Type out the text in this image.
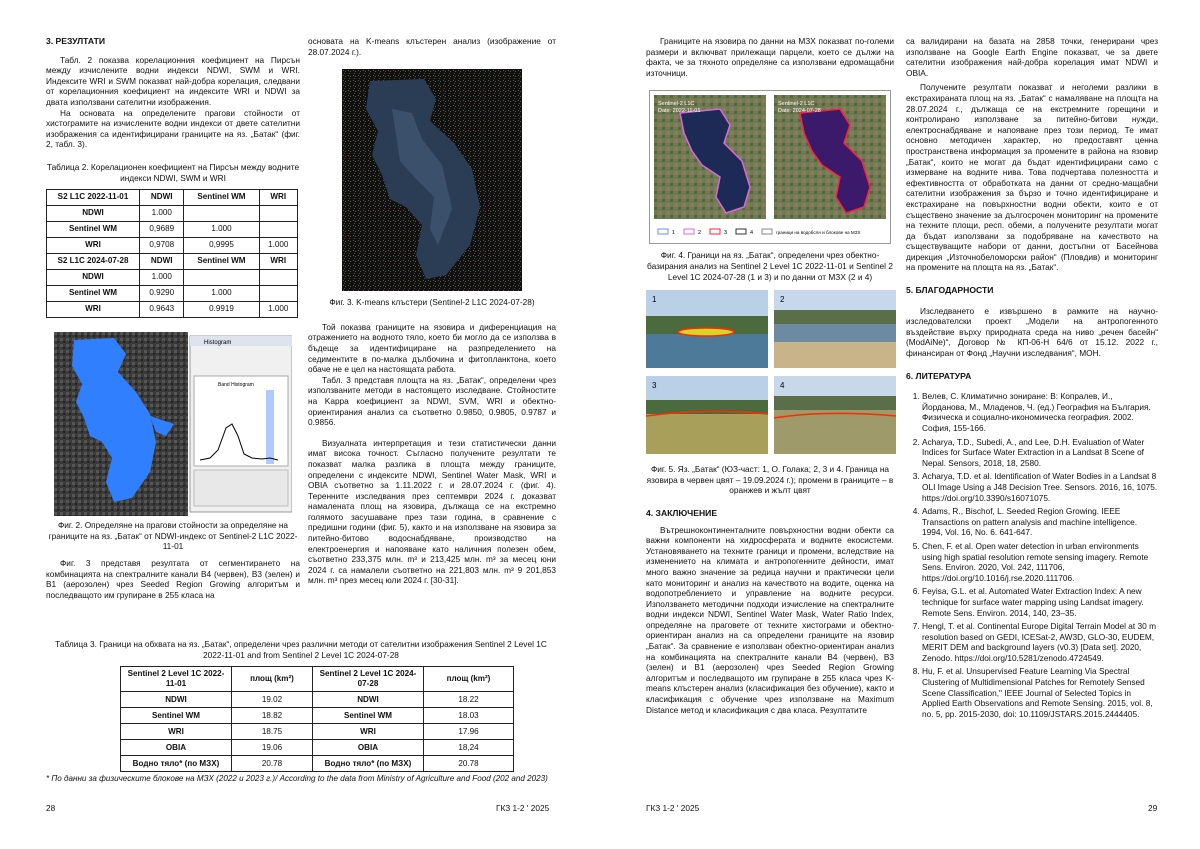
3. РЕЗУЛТАТИ

Табл. 2 показва корелационния коефициент на Пирсън между изчислените водни индекси NDWI, SWM и WRI. Индексите WRI и SWM показват най-добра корелация, следвани от корелационния коефициент на индексите WRI и NDWI за двата използвани сателитни изображения.

На основата на определените прагови стойности от хистограмите на изчислените водни индекси от двете сателитни изображения са идентифицирани границите на яз. „Батак“ (фиг. 2, табл. 3).

Таблица 2. Корелационен коефициент на Пирсън между водните индекси NDWI, SWM и WRI
S2 L1C 2022-11-01	NDWI	Sentinel WM	WRI
NDWI	1.000		
Sentinel WM	0,9689	1.000	
WRI	0,9708	0,9995	1.000
S2 L1C 2024-07-28	NDWI	Sentinel WM	WRI
NDWI	1.000		
Sentinel WM	0.9290	1.000	
WRI	0.9643	0.9919	1.000
Histogram
Band Histogram
Фиг. 2. Определяне на прагови стойности за определяне на границите на яз. „Батак“ от NDWI-индекс от Sentinel-2 L1C 2022-11-01

Фиг. 3 представя резултата от сегментирането на комбинацията на спектралните канали B4 (червен), B3 (зелен) и B1 (аерозолен) чрез Seeded Region Growing алгоритъм и последващото им групиране в 255 класа на

основата на K-means клъстерен анализ (изображение от 28.07.2024 г.).

Фиг. 3. K-means клъстери (Sentinel-2 L1C 2024-07-28)

Той показва границите на язовира и диференциация на отражението на водното тяло, което би могло да се използва в бъдеще за идентифициране на разпределението на седиментите в по-малка дълбочина и фитопланктона, което обаче не е цел на настоящата работа.

Табл. 3 представя площта на яз. „Батак“, определени чрез използваните методи в настоящето изследване. Стойностите на Kappa коефициент за NDWI, SVM, WRI и обектно-ориентирания анализ са съответно 0.9850, 0.9805, 0.9787 и 0.9856.

Визуалната интерпретация и тези статистически данни имат висока точност. Съгласно получените резултати те показват малка разлика в площта между границите, определени с индексите NDWI, Sentinel Water Mask, WRI и OBIA съответно за 1.11.2022 г. и 28.07.2024 г. (фиг. 4). Теренните изследвания през септември 2024 г. доказват намалената площ на язовира, дължаща се на екстремно голямото засушаване през тази година, в сравнение с предишни години (фиг. 5), както и на използване на язовира за питейно-битово водоснабдяване, производство на електроенергия и напояване като наличния полезен обем, съответно 233,375 млн. m³ и 213,425 млн. m³ за месец юни 2024 г. са намалели съответно на 221,803 млн. m³ 9 201,853 млн. m³ през месец юли 2024 г. [30-31].

Таблица 3. Граници на обхвата на яз. „Батак“, определени чрез различни методи от сателитни изображения Sentinel 2 Level 1C 2022-11-01 and from Sentinel 2 Level 1C 2024-07-28
Sentinel 2 Level 1C 2022-11-01	площ (km²)	Sentinel 2 Level 1C 2024-07-28	площ (km²)
NDWI	19.02	NDWI	18.22
Sentinel WM	18.82	Sentinel WM	18.03
WRI	18.75	WRI	17.96
OBIA	19.06	OBIA	18,24
Водно тяло* (по МЗХ)	20.78	Водно тяло* (по МЗХ)	20.78
* По данни за физическите блокове на МЗХ (2022 и 2023 г.)/ According to the data from Ministry of Agriculture and Food (202 and 2023)
28	ГКЗ 1-2 ' 2025

Границите на язовира по данни на МЗХ показват по-големи размери и включват прилежащи парцели, което се дължи на факта, че за тяхното определяне са използвани едромащабни източници.

Sentinel-2 L1C
Date: 2022-11-01
Sentinel-2 L1C
Date: 2024-07-28
1	2	3	4	граници на водобслн и блокове на МЗХ
Фиг. 4. Граници на яз. „Батак“, определени чрез обектно-базирания анализ на Sentinel 2 Level 1C 2022-11-01 и Sentinel 2 Level 1C 2024-07-28 (1 и 3) и по данни от МЗХ (2 и 4)
1	2
3	4
Фиг. 5. Яз. „Батак“ (ЮЗ-част: 1, О. Голака; 2, 3 и 4. Граница на язовира в червен цвят – 19.09.2024 г.); промени в границите – в оранжев и жълт цвят
4. ЗАКЛЮЧЕНИЕ

Вътрешноконтиненталните повърхностни водни обекти са важни компоненти на хидросферата и водните екосистеми. Установяването на техните граници и промени, вследствие на изменението на климата и антропогенните дейности, имат много важно значение за редица научни и практически цели като мониторинг и анализ на качеството на водите, оценка на водопотреблението и управление на водните ресурси. Използването методични подходи изчисление на спектралните водни индекси NDWI, Sentinel Water Mask, Water Ratio Index, определяне на праговете от техните хистограми и обектно-ориентиран анализ на са определени границите на язовир „Батак“. За сравнение е използван обектно-ориентиран анализ на комбинацията на спектралните канали B4 (червен), B3 (зелен) и B1 (аерозолен) чрез Seeded Region Growing алгоритъм и последващото им групиране в 255 класа чрез K-means клъстерен анализ (класификация без обучение), както и класификация с обучение чрез използване на Maximum Distance метод и класификация с два класа. Резултатите

са валидирани на базата на 2858 точки, генерирани чрез използване на Google Earth Engine показват, че за двете сателитни изображения най-добра корелация имат NDWI и OBIA.

Получените резултати показват и неголеми разлики в екстрахираната площ на яз. „Батак“ с намаляване на площта на 28.07.2024 г., дължаща се на екстремните горещини и контролирано използване за питейно-битови нужди, електроснабдяване и напояване през този период. Те имат основно методичен характер, но предоставят ценна пространствена информация за промените в района на язовир „Батак“, които не могат да бъдат идентифицирани само с измерване на водните нива. Това подчертава полезността и ефективността от обработката на данни от средно-мащабни сателитни изображения за бързо и точно идентифициране и екстрахиране на повърхностни водни обекти, които е от съществено значение за дългосрочен мониторинг на промените на техните площи, респ. обеми, а получените резултати могат да бъдат използвани за подобряване на качеството на съществуващите набори от данни, достъпни от Басейнова дирекция „Източнобеломорски район“ (Пловдив) и мониторинг на промените на площта на яз. „Батак“.

5. БЛАГОДАРНОСТИ

Изследването е извършено в рамките на научно-изследователски проект „Модели на антропогенното въздействие върху природната среда на ниво „речен басейн“ (ModAiNe)“, Договор № КП-06-Н 64/6 от 15.12. 2022 г., финансиран от Фонд „Научни изследвания“, МОН.

6. ЛИТЕРАТУРА
1. Велев, С. Климатично зониране: В: Копралев, И., Йорданова, М., Младенов, Ч. (ед.) География на България. Физическа и социално-икономическа география. 2002. София, 155-166.
2. Acharya, T.D., Subedi, A., and Lee, D.H. Evaluation of Water Indices for Surface Water Extraction in a Landsat 8 Scene of Nepal. Sensors, 2018, 18, 2580.
3. Acharya, T.D. et al. Identification of Water Bodies in a Landsat 8 OLI Image Using a J48 Decision Tree. Sensors. 2016, 16, 1075. https://doi.org/10.3390/s16071075.
4. Adams, R., Bischof, L. Seeded Region Growing. IEEE Transactions on pattern analysis and machine intelligence. 1994, Vol. 16, No. 6. 641-647.
5. Chen, F. et al. Open water detection in urban environments using high spatial resolution remote sensing imagery. Remote Sens. Environ. 2020, Vol. 242, 111706, https://doi.org/10.1016/j.rse.2020.111706.
6. Feyisa, G.L. et al. Automated Water Extraction Index: A new technique for surface water mapping using Landsat imagery. Remote Sens. Environ. 2014, 140, 23–35.
7. Hengl, T. et al. Continental Europe Digital Terrain Model at 30 m resolution based on GEDI, ICESat-2, AW3D, GLO-30, EUDEM, MERIT DEM and background layers (v0.3) [Data set]. 2020, Zenodo. https://doi.org/10.5281/zenodo.4724549.
8. Hu, F. et al. Unsupervised Feature Learning Via Spectral Clustering of Multidimensional Patches for Remotely Sensed Scene Classification," IEEE Journal of Selected Topics in Applied Earth Observations and Remote Sensing. 2015, vol. 8, no. 5, pp. 2015-2030, doi: 10.1109/JSTARS.2015.2444405.
ГКЗ 1-2 ' 2025	29
